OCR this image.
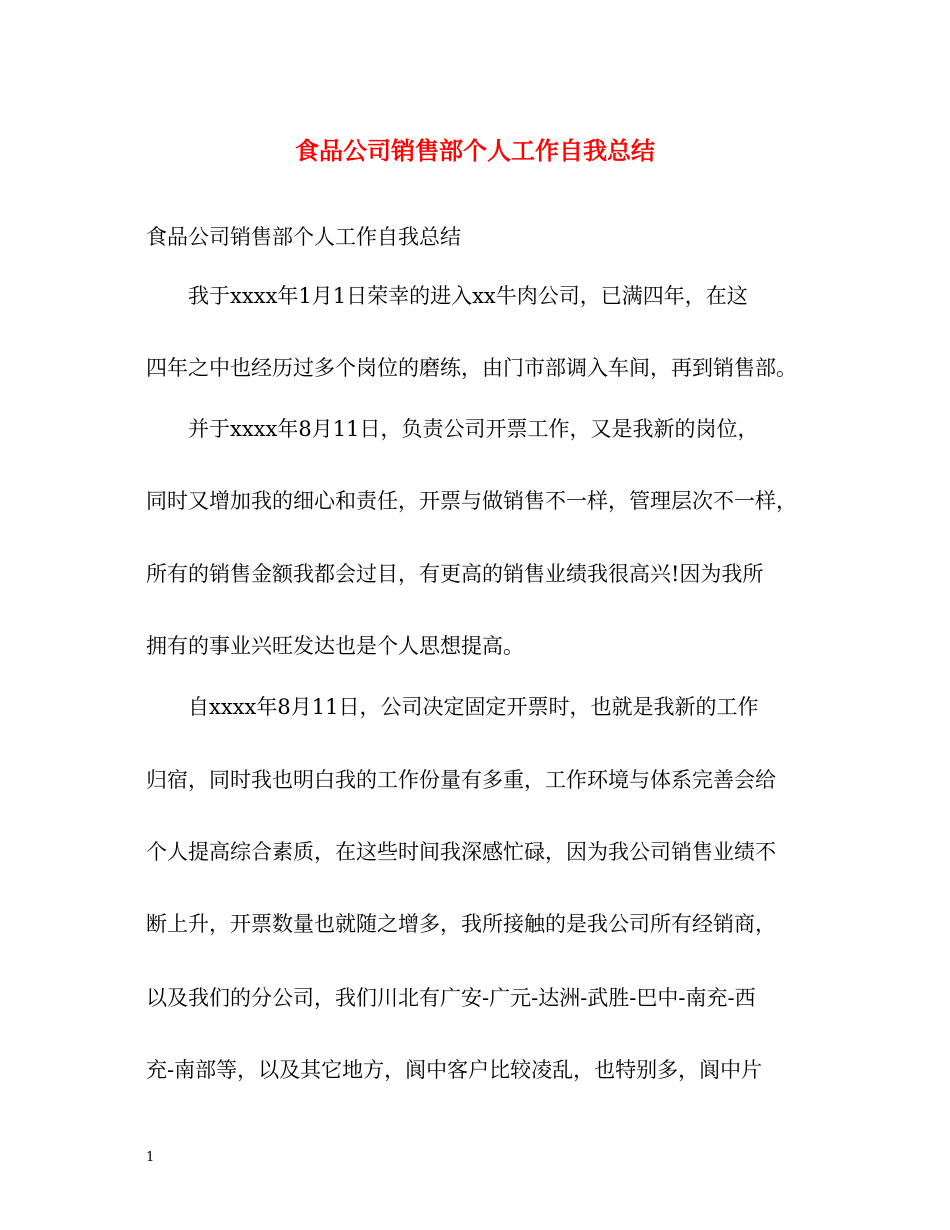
食品公司销售部个人工作自我总结

食品公司销售部个人工作自我总结

我于xxxx年1月1日荣幸的进入xx牛肉公司，已满四年，在这

四年之中也经历过多个岗位的磨练，由门市部调入车间，再到销售部。

并于xxxx年8月11日，负责公司开票工作，又是我新的岗位，

同时又增加我的细心和责任，开票与做销售不一样，管理层次不一样，

所有的销售金额我都会过目，有更高的销售业绩我很高兴!因为我所

拥有的事业兴旺发达也是个人思想提高。

自xxxx年8月11日，公司决定固定开票时，也就是我新的工作

归宿，同时我也明白我的工作份量有多重，工作环境与体系完善会给

个人提高综合素质，在这些时间我深感忙碌，因为我公司销售业绩不

断上升，开票数量也就随之增多，我所接触的是我公司所有经销商，

以及我们的分公司，我们川北有广安-广元-达洲-武胜-巴中-南充-西

充-南部等，以及其它地方，阆中客户比较凌乱，也特别多，阆中片

1
